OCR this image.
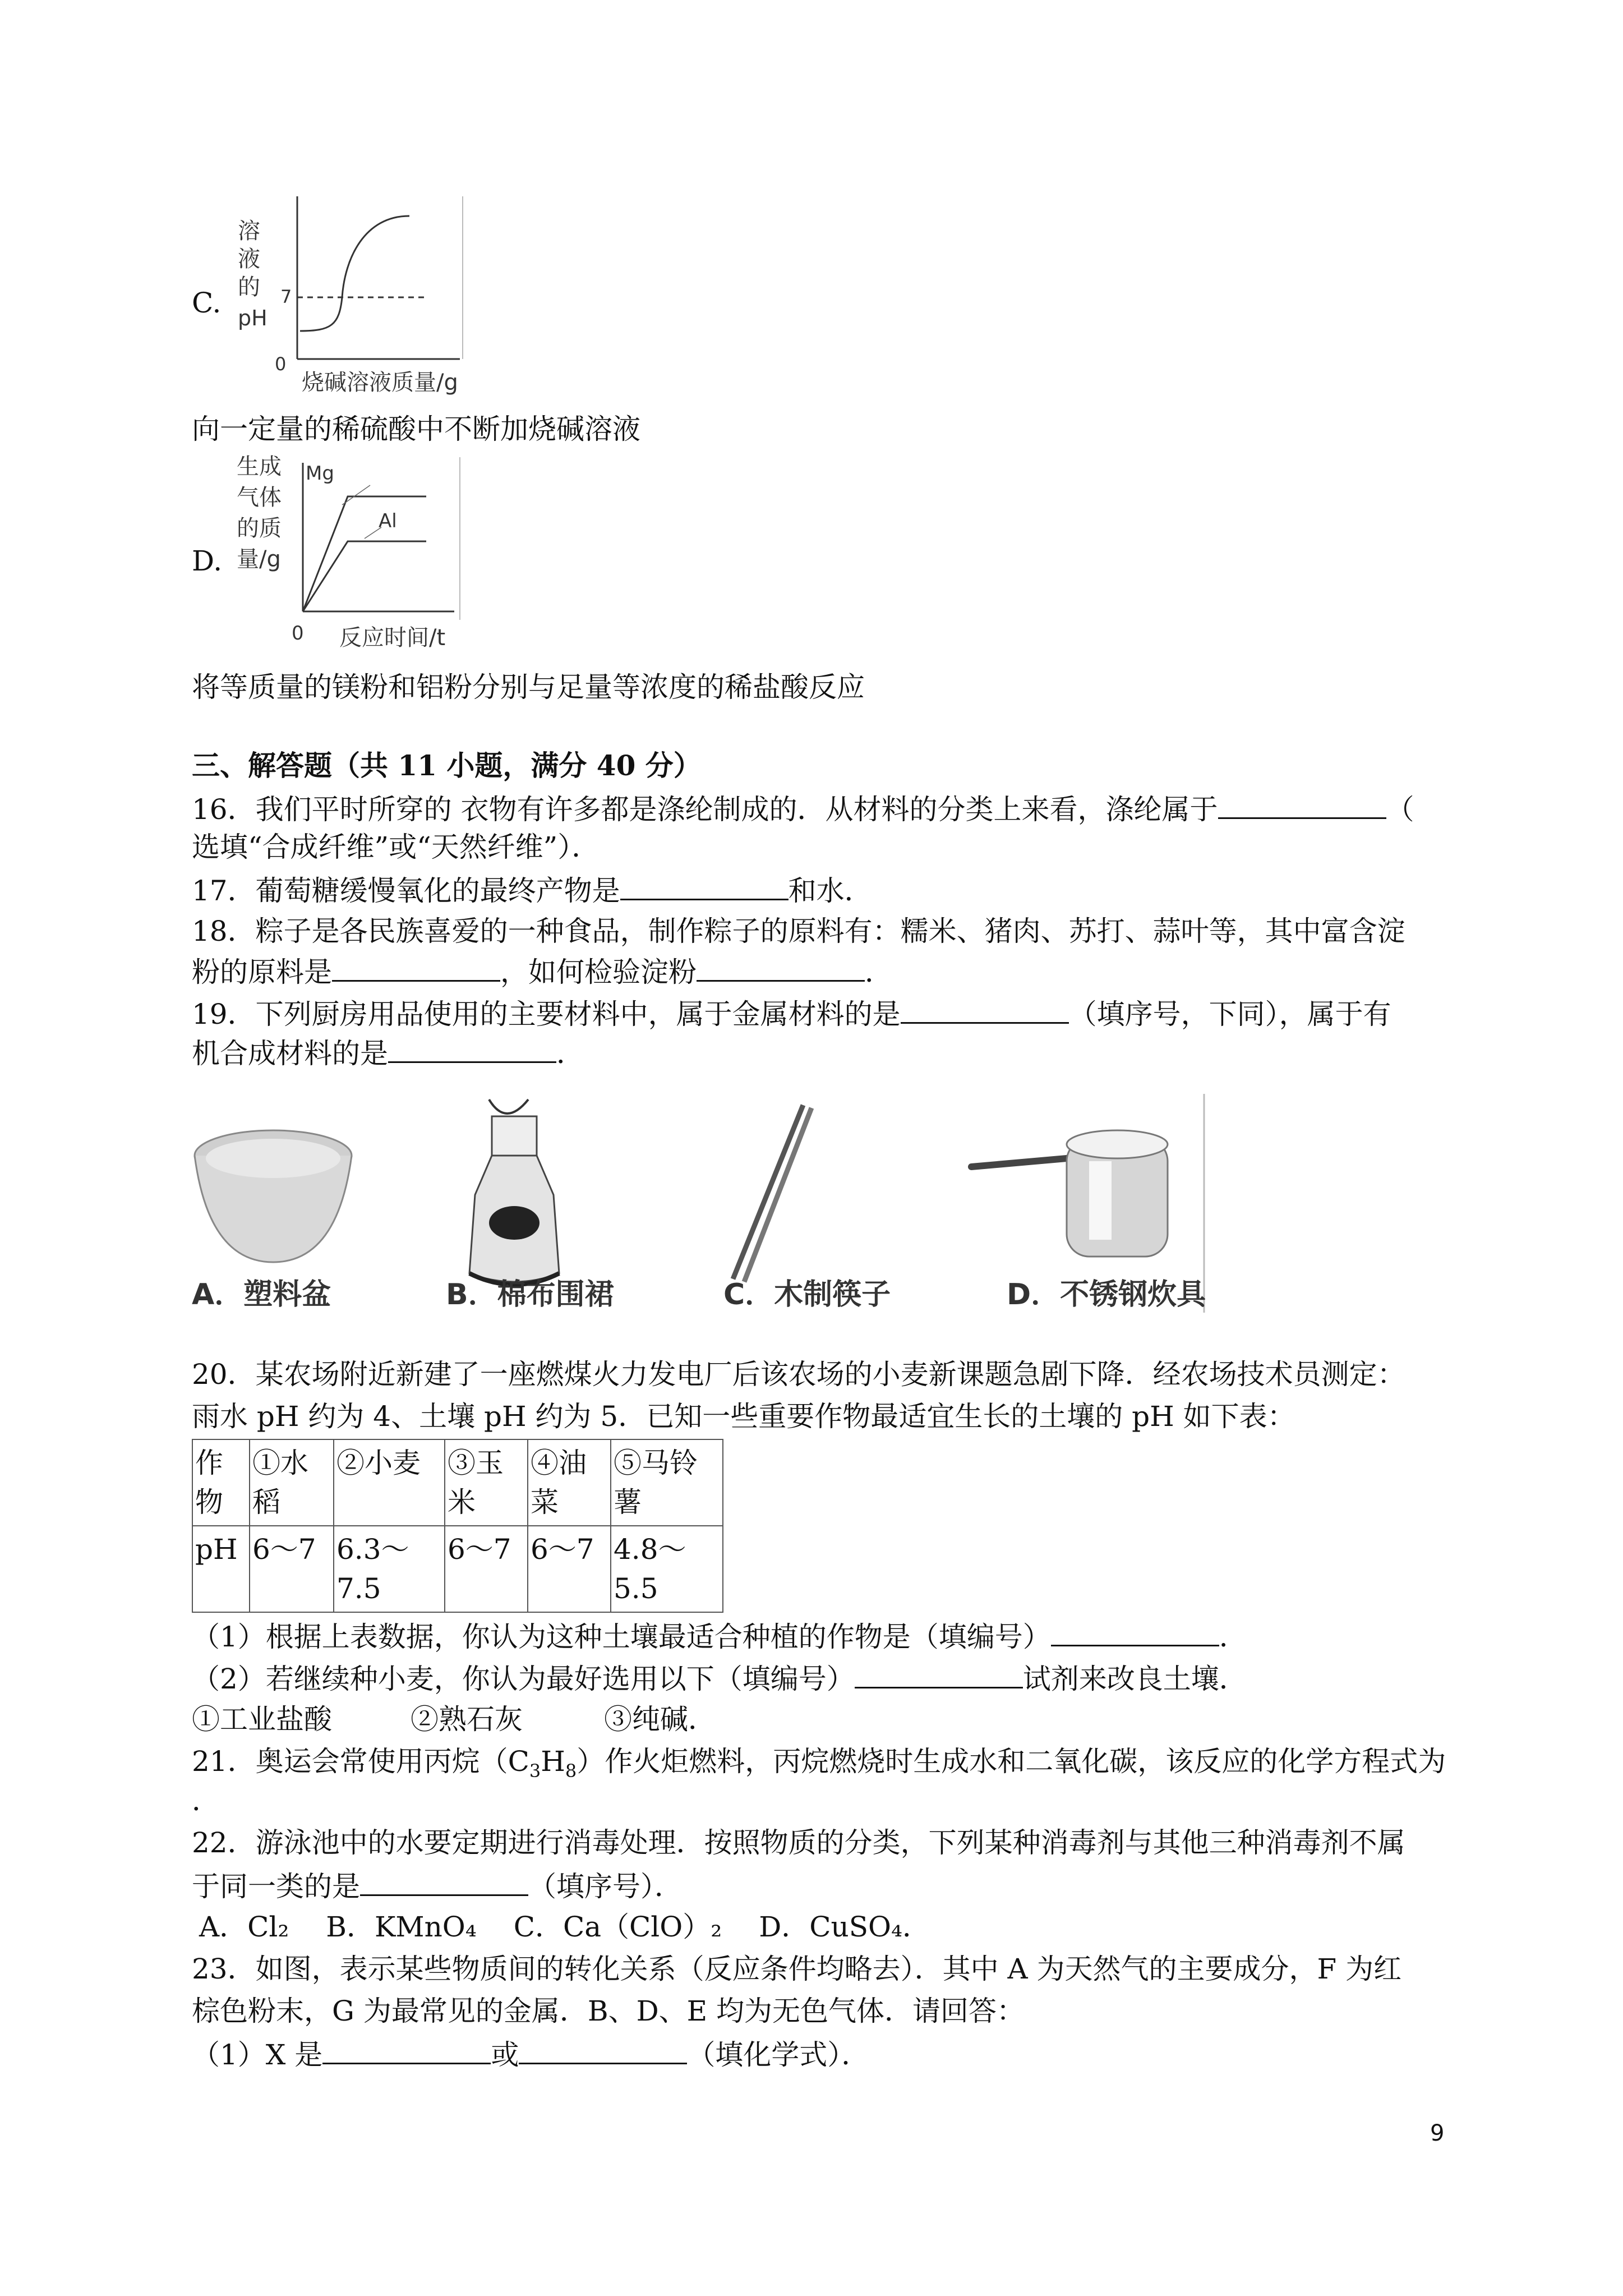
C.
溶
液
的
pH
7
0
烧碱溶液质量/g
向一定量的稀硫酸中不断加烧碱溶液
D.
生成
气体
的质
量/g
Mg
Al
0 反应时间/t
将等质量的镁粉和铝粉分别与足量等浓度的稀盐酸反应
三、解答题（共 11 小题，满分 40 分）
16．我们平时所穿的 衣物有许多都是涤纶制成的．从材料的分类上来看，涤纶属于	（
选填“合成纤维”或“天然纤维”）．
17．葡萄糖缓慢氧化的最终产物是	和水．
18．粽子是各民族喜爱的一种食品，制作粽子的原料有：糯米、猪肉、苏打、蒜叶等，其中富含淀
粉的原料是	，如何检验淀粉	．
19．下列厨房用品使用的主要材料中，属于金属材料的是	（填序号，下同），属于有
机合成材料的是	．
A．塑料盆	B．棉布围裙	C．木制筷子	D．不锈钢炊具
20．某农场附近新建了一座燃煤火力发电厂后该农场的小麦新课题急剧下降．经农场技术员测定：
雨水 pH 约为 4、土壤 pH 约为 5．已知一些重要作物最适宜生长的土壤的 pH 如下表：
作物	①水稻	②小麦	③玉米	④油菜	⑤马铃薯
pH	6～7	6.3～7.5	6～7	6～7	4.8～5.5
（1）根据上表数据，你认为这种土壤最适合种植的作物是（填编号）	．
（2）若继续种小麦，你认为最好选用以下（填编号）	试剂来改良土壤．
①工业盐酸	②熟石灰	③纯碱．
21．奥运会常使用丙烷$(C_3H_8)$作火炬燃料，丙烷燃烧时生成水和二氧化碳，该反应的化学方程式为
．
22．游泳池中的水要定期进行消毒处理．按照物质的分类，下列某种消毒剂与其他三种消毒剂不属
于同一类的是	（填序号）．
A．Cl₂　 B．KMnO₄　 C．Ca（ClO）₂　 D．CuSO₄．
23．如图，表示某些物质间的转化关系（反应条件均略去）．其中 A 为天然气的主要成分，F 为红
棕色粉末，G 为最常见的金属．B、D、E 均为无色气体．请回答：
（1）X 是	或	（填化学式）．
9
